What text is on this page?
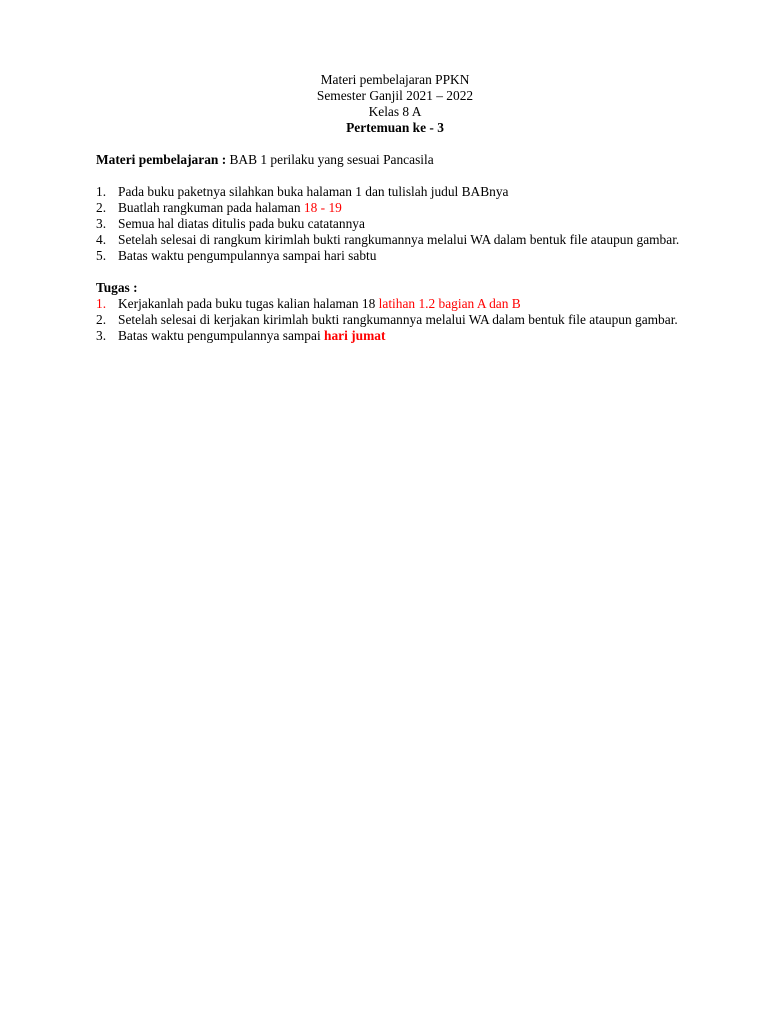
Materi pembelajaran PPKN
Semester Ganjil 2021 – 2022
Kelas 8 A
Pertemuan ke - 3
Materi pembelajaran : BAB 1 perilaku yang sesuai Pancasila
1. Pada buku paketnya silahkan buka halaman 1 dan tulislah judul BABnya
2. Buatlah rangkuman pada halaman 18 - 19
3. Semua hal diatas ditulis pada buku catatannya
4. Setelah selesai di rangkum kirimlah bukti rangkumannya melalui WA dalam bentuk file ataupun gambar.
5. Batas waktu pengumpulannya sampai hari sabtu
Tugas :
1. Kerjakanlah pada buku tugas kalian halaman 18 latihan 1.2 bagian A dan B
2. Setelah selesai di kerjakan kirimlah bukti rangkumannya melalui WA dalam bentuk file ataupun gambar.
3. Batas waktu pengumpulannya sampai hari jumat
